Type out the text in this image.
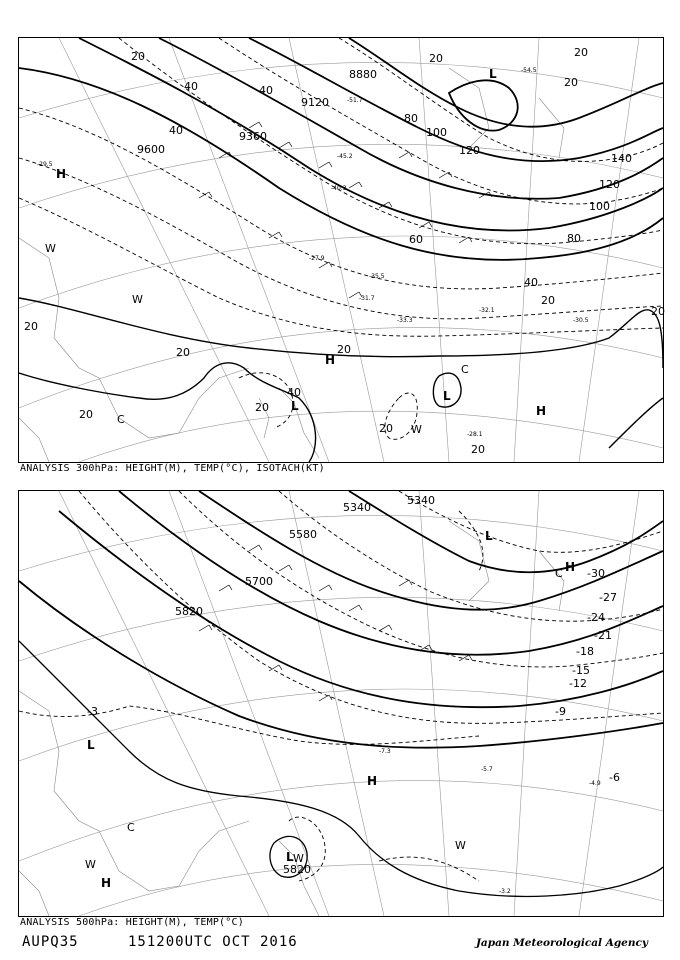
8880
9120
9360
9600
20	20
20
20
40	40
40
60
80
80
100
100
120
120
140
40
20
20
20
20	20
40
20
20
20
20
-29.5
-31.7
-33.3
-35.5
-40.3
-45.2
-51.7
-54.5
-27.9
-28.1
-30.5
-32.1
H
H
H
L
L
L
W
W
W
C
C
ANALYSIS 300hPa: HEIGHT(M), TEMP(°C), ISOTACH(KT)
5340
5580
5700
5820
5340
5820
-3
-6
-9
-12
-15
-18
-21
-24
-27
-30
-5.7
-7.3
-4.9
-3.2
L
L
L
H
H
H
W
W
W
C
C
ANALYSIS 500hPa: HEIGHT(M), TEMP(°C)
AUPQ35	151200UTC OCT 2016	Japan Meteorological Agency
